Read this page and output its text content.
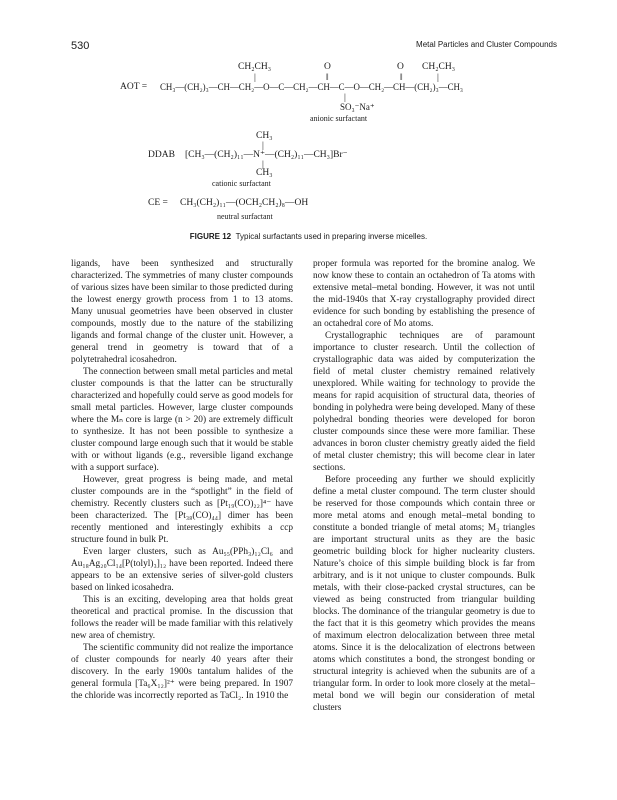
530	Metal Particles and Cluster Compounds
CH₂CH₃	O	O CH₂CH₃
|	‖	‖	|
AOT = CH₃—(CH₂)₃—CH—CH₂—O—C—CH₂—CH—C—O—CH₂—CH—(CH₂)₃—CH₃
|
SO₃⁻Na⁺
anionic surfactant
CH₃
|
DDAB [CH₃—(CH₂)₁₁—N⁺—(CH₂)₁₁—CH₃]Br⁻
|
CH₃
cationic surfactant
CE = CH₃(CH₂)₁₁—(OCH₂CH₂)₈—OH
neutral surfactant
FIGURE 12 Typical surfactants used in preparing inverse micelles.

ligands, have been synthesized and structurally characterized. The symmetries of many cluster compounds of various sizes have been similar to those predicted during the lowest energy growth process from 1 to 13 atoms. Many unusual geometries have been observed in cluster compounds, mostly due to the nature of the stabilizing ligands and formal change of the cluster unit. However, a general trend in geometry is toward that of a polytetrahedral icosahedron.

The connection between small metal particles and metal cluster compounds is that the latter can be structurally characterized and hopefully could serve as good models for small metal particles. However, large cluster compounds where the Mₙ core is large (n > 20) are extremely difficult to synthesize. It has not been possible to synthesize a cluster compound large enough such that it would be stable with or without ligands (e.g., reversible ligand exchange with a support surface).

However, great progress is being made, and metal cluster compounds are in the “spotlight” in the field of chemistry. Recently clusters such as [Pt₁₉(CO)₂₂]⁴⁻ have been characterized. The [Pt₃₈(CO)₄₄] dimer has been recently mentioned and interestingly exhibits a ccp structure found in bulk Pt.

Even larger clusters, such as Au₅₅(PPh₃)₁₂Cl₆ and Au₁₈Ag₂₀Cl₁₄[P(tolyl)₃]₁₂ have been reported. Indeed there appears to be an extensive series of silver-gold clusters based on linked icosahedra.

This is an exciting, developing area that holds great theoretical and practical promise. In the discussion that follows the reader will be made familiar with this relatively new area of chemistry.

The scientific community did not realize the importance of cluster compounds for nearly 40 years after their discovery. In the early 1900s tantalum halides of the general formula [Ta₆X₁₂]²⁺ were being prepared. In 1907 the chloride was incorrectly reported as TaCl₂. In 1910 the

proper formula was reported for the bromine analog. We now know these to contain an octahedron of Ta atoms with extensive metal–metal bonding. However, it was not until the mid-1940s that X-ray crystallography provided direct evidence for such bonding by establishing the presence of an octahedral core of Mo atoms.

Crystallographic techniques are of paramount importance to cluster research. Until the collection of crystallographic data was aided by computerization the field of metal cluster chemistry remained relatively unexplored. While waiting for technology to provide the means for rapid acquisition of structural data, theories of bonding in polyhedra were being developed. Many of these polyhedral bonding theories were developed for boron cluster compounds since these were more familiar. These advances in boron cluster chemistry greatly aided the field of metal cluster chemistry; this will become clear in later sections.

Before proceeding any further we should explicitly define a metal cluster compound. The term cluster should be reserved for those compounds which contain three or more metal atoms and enough metal–metal bonding to constitute a bonded triangle of metal atoms; M₃ triangles are important structural units as they are the basic geometric building block for higher nuclearity clusters. Nature’s choice of this simple building block is far from arbitrary, and is it not unique to cluster compounds. Bulk metals, with their close-packed crystal structures, can be viewed as being constructed from triangular building blocks. The dominance of the triangular geometry is due to the fact that it is this geometry which provides the means of maximum electron delocalization between three metal atoms. Since it is the delocalization of electrons between atoms which constitutes a bond, the strongest bonding or structural integrity is achieved when the subunits are of a triangular form. In order to look more closely at the metal–metal bond we will begin our consideration of metal clusters
